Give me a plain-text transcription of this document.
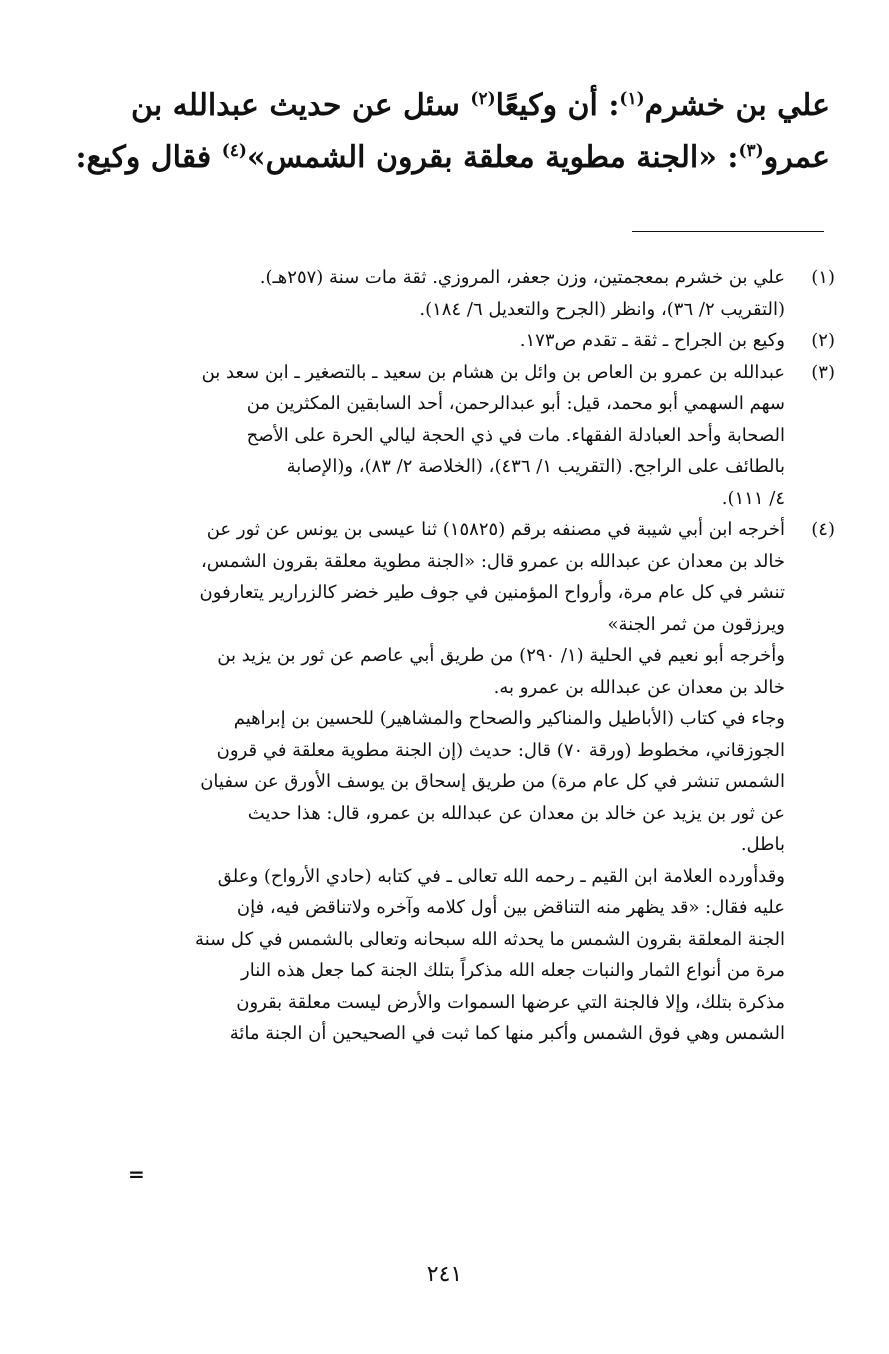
علي بن خشرم$^{(١)}$: أن وكيعًا$^{(٢)}$ سئل عن حديث عبدالله بن
عمرو$^{(٣)}$: «الجنة مطوية معلقة بقرون الشمس»$^{(٤)}$ فقال وكيع:
(١)
علي بن خشرم بمعجمتين، وزن جعفر، المروزي. ثقة مات سنة (٢٥٧هـ).
(التقريب ٢/ ٣٦)، وانظر (الجرح والتعديل ٦/ ١٨٤).
(٢)
وكيع بن الجراح ـ ثقة ـ تقدم ص١٧٣.
(٣)
عبدالله بن عمرو بن العاص بن وائل بن هشام بن سعيد ـ بالتصغير ـ ابن سعد بن
سهم السهمي أبو محمد، قيل: أبو عبدالرحمن، أحد السابقين المكثرين من
الصحابة وأحد العبادلة الفقهاء. مات في ذي الحجة ليالي الحرة على الأصح
بالطائف على الراجح. (التقريب ١/ ٤٣٦)، (الخلاصة ٢/ ٨٣)، و(الإصابة
٤/ ١١١).
(٤)
أخرجه ابن أبي شيبة في مصنفه برقم (١٥٨٢٥) ثنا عيسى بن يونس عن ثور عن
خالد بن معدان عن عبدالله بن عمرو قال: «الجنة مطوية معلقة بقرون الشمس،
تنشر في كل عام مرة، وأرواح المؤمنين في جوف طير خضر كالزرارير يتعارفون
ويرزقون من ثمر الجنة»
وأخرجه أبو نعيم في الحلية (١/ ٢٩٠) من طريق أبي عاصم عن ثور بن يزيد بن
خالد بن معدان عن عبدالله بن عمرو به.
وجاء في كتاب (الأباطيل والمناكير والصحاح والمشاهير) للحسين بن إبراهيم
الجوزقاني، مخطوط (ورقة ٧٠) قال: حديث (إن الجنة مطوية معلقة في قرون
الشمس تنشر في كل عام مرة) من طريق إسحاق بن يوسف الأورق عن سفيان
عن ثور بن يزيد عن خالد بن معدان عن عبدالله بن عمرو، قال: هذا حديث
باطل.
وقدأورده العلامة ابن القيم ـ رحمه الله تعالى ـ في كتابه (حادي الأرواح) وعلق
عليه فقال: «قد يظهر منه التناقض بين أول كلامه وآخره ولاتناقض فيه، فإن
الجنة المعلقة بقرون الشمس ما يحدثه الله سبحانه وتعالى بالشمس في كل سنة
مرة من أنواع الثمار والنبات جعله الله مذكراً بتلك الجنة كما جعل هذه النار
مذكرة بتلك، وإلا فالجنة التي عرضها السموات والأرض ليست معلقة بقرون
الشمس وهي فوق الشمس وأكبر منها كما ثبت في الصحيحين أن الجنة مائة
=
٢٤١
